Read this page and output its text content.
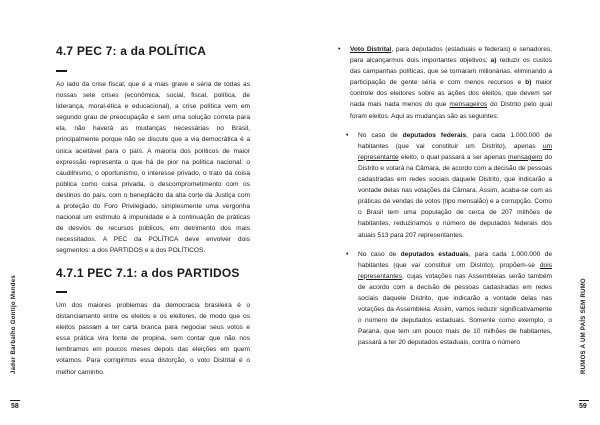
Jader Barbalho Gontijo Mendes
58
4.7 PEC 7: a da POLÍTICA

Ao lado da crise fiscal, que é a mais grave e séria de todas as nossas sete crises (econômica, social, fiscal, política, de liderança, moral-ética e educacional), a crise política vem em segundo grau de preocupação e sem uma solução correta para ela, não haverá as mudanças necessárias no Brasil, principalmente porque não se discute que a via democrática é a única aceitável para o país. A maioria dos políticos de maior expressão representa o que há de pior na política nacional: o caudilhismo, o oportunismo, o interesse privado, o trato da coisa pública como coisa privada, o descomprometimento com os destinos do país, com o beneplácito da alta corte da Justiça com a proteção do Foro Privilegiado, simplesmente uma vergonha nacional um estímulo à impunidade e à continuação de práticas de desvios de recursos públicos, em detrimento dos mais necessitados. A PEC da POLÍTICA deve envolver dois segmentos: a dos PARTIDOS e a dos POLÍTICOS.

4.7.1 PEC 7.1: a dos PARTIDOS

Um dos maiores problemas da democracia brasileira é o distanciamento entre os eleitos e os eleitores, de modo que os eleitos passam a ter carta branca para negociar seus votos e essa prática vira fonte de propina, sem contar que não nos lembramos em poucos meses depois das eleições em quem votamos. Para corrigirmos essa distorção, o voto Distrital é o melhor caminho.	RUMOS A UM PAÍS SEM RUMO
59

• Voto Distrital, para deputados (estaduais e federais) e senadores, para alcançarmos dois importantes objetivos: a) reduzir os custos das campanhas políticas, que se tornaram milionárias, eliminando a participação de gente séria e com menos recursos e b) maior controle dos eleitores sobre as ações dos eleitos, que devem ser nada mais nada menos do que mensageiros do Distrito pelo qual foram eleitos. Aqui as mudanças são as seguintes:

• No caso de deputados federais, para cada 1.000.000 de habitantes (que vai constituir um Distrito), apenas um representante eleito, o qual passará a ser apenas mensageiro do Distrito e votará na Câmara, de acordo com a decisão de pessoas cadastradas em redes sociais daquele Distrito, que indicarão a vontade delas nas votações da Câmara. Assim, acaba-se com as práticas de vendas de votos (tipo mensalão) e a corrupção. Como o Brasil tem uma população de cerca de 207 milhões de habitantes, reduziríamos o número de deputados federais dos atuais 513 para 207 representantes.

• No caso de deputados estaduais, para cada 1.000.000 de habitantes (que vai constituir um Distrito), propõem-se dois representantes, cujas votações nas Assembleias serão também de acordo com a decisão de pessoas cadastradas em redes sociais daquele Distrito, que indicarão a vontade delas nas votações da Assembleia. Assim, vamos reduzir significativamente o número de deputados estaduais. Somente como exemplo, o Paraná, que tem um pouco mais de 10 milhões de habitantes, passará a ter 20 deputados estaduais, contra o número
